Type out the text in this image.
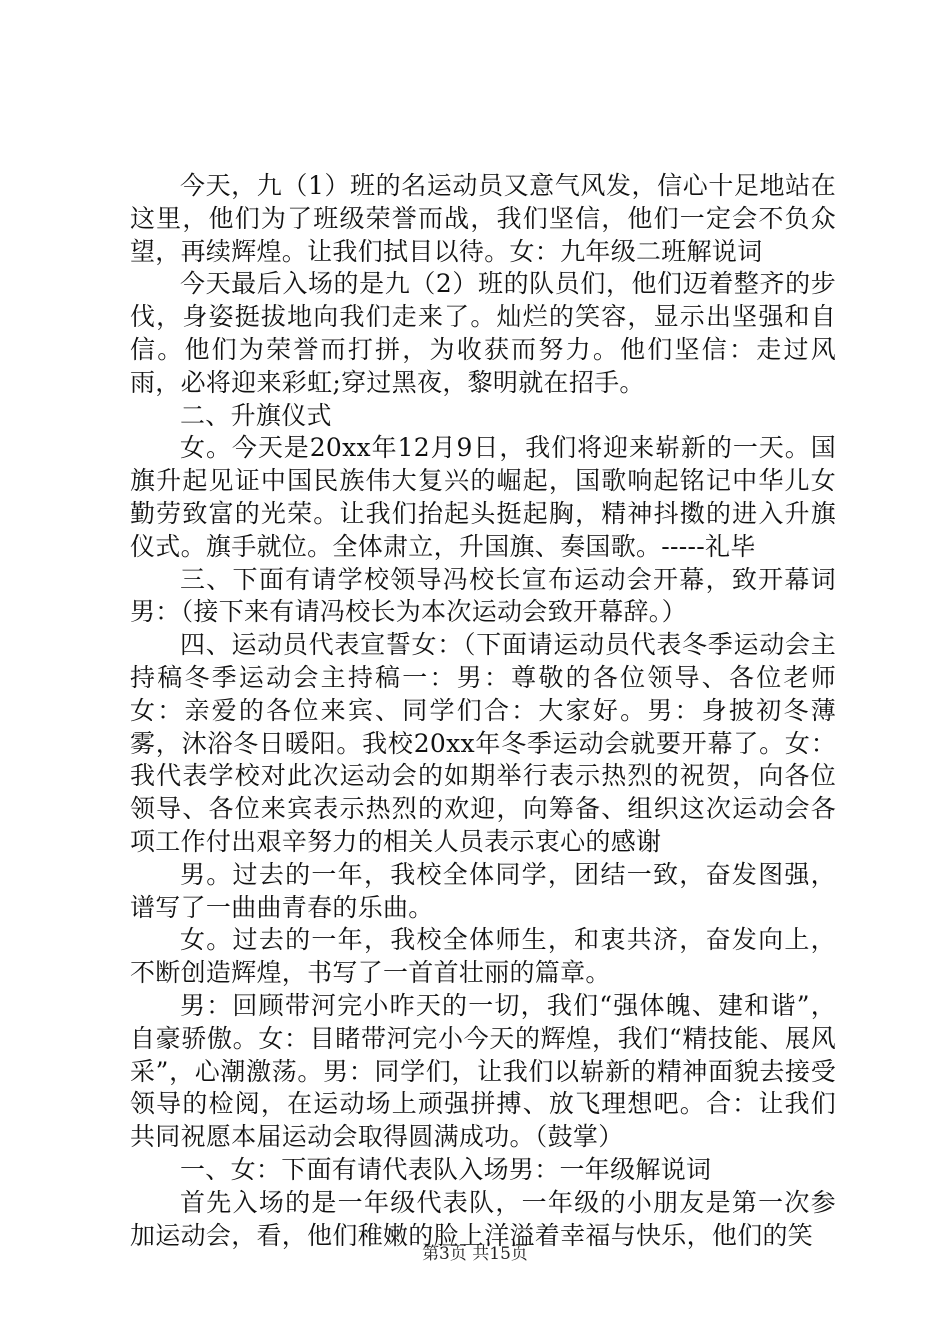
今天，九（1）班的名运动员又意气风发，信心十足地站在这里，他们为了班级荣誉而战，我们坚信，他们一定会不负众望，再续辉煌。让我们拭目以待。女：九年级二班解说词

今天最后入场的是九（2）班的队员们，他们迈着整齐的步伐，身姿挺拔地向我们走来了。灿烂的笑容，显示出坚强和自信。他们为荣誉而打拼，为收获而努力。他们坚信：走过风雨，必将迎来彩虹;穿过黑夜，黎明就在招手。

二、升旗仪式

女。今天是20xx年12月9日，我们将迎来崭新的一天。国旗升起见证中国民族伟大复兴的崛起，国歌响起铭记中华儿女勤劳致富的光荣。让我们抬起头挺起胸，精神抖擞的进入升旗仪式。旗手就位。全体肃立，升国旗、奏国歌。-----礼毕

三、下面有请学校领导冯校长宣布运动会开幕，致开幕词男：（接下来有请冯校长为本次运动会致开幕辞。）

四、运动员代表宣誓女：（下面请运动员代表冬季运动会主持稿冬季运动会主持稿一：男：尊敬的各位领导、各位老师女：亲爱的各位来宾、同学们合：大家好。男：身披初冬薄雾，沐浴冬日暖阳。我校20xx年冬季运动会就要开幕了。女：我代表学校对此次运动会的如期举行表示热烈的祝贺，向各位领导、各位来宾表示热烈的欢迎，向筹备、组织这次运动会各项工作付出艰辛努力的相关人员表示衷心的感谢

男。过去的一年，我校全体同学，团结一致，奋发图强，谱写了一曲曲青春的乐曲。

女。过去的一年，我校全体师生，和衷共济，奋发向上，不断创造辉煌，书写了一首首壮丽的篇章。

男：回顾带河完小昨天的一切，我们“强体魄、建和谐”，自豪骄傲。女：目睹带河完小今天的辉煌，我们“精技能、展风采”，心潮激荡。男：同学们，让我们以崭新的精神面貌去接受领导的检阅，在运动场上顽强拼搏、放飞理想吧。合：让我们共同祝愿本届运动会取得圆满成功。（鼓掌）

一、女：下面有请代表队入场男：一年级解说词

首先入场的是一年级代表队，一年级的小朋友是第一次参加运动会，看，他们稚嫩的脸上洋溢着幸福与快乐，他们的笑

第3页 共15页
